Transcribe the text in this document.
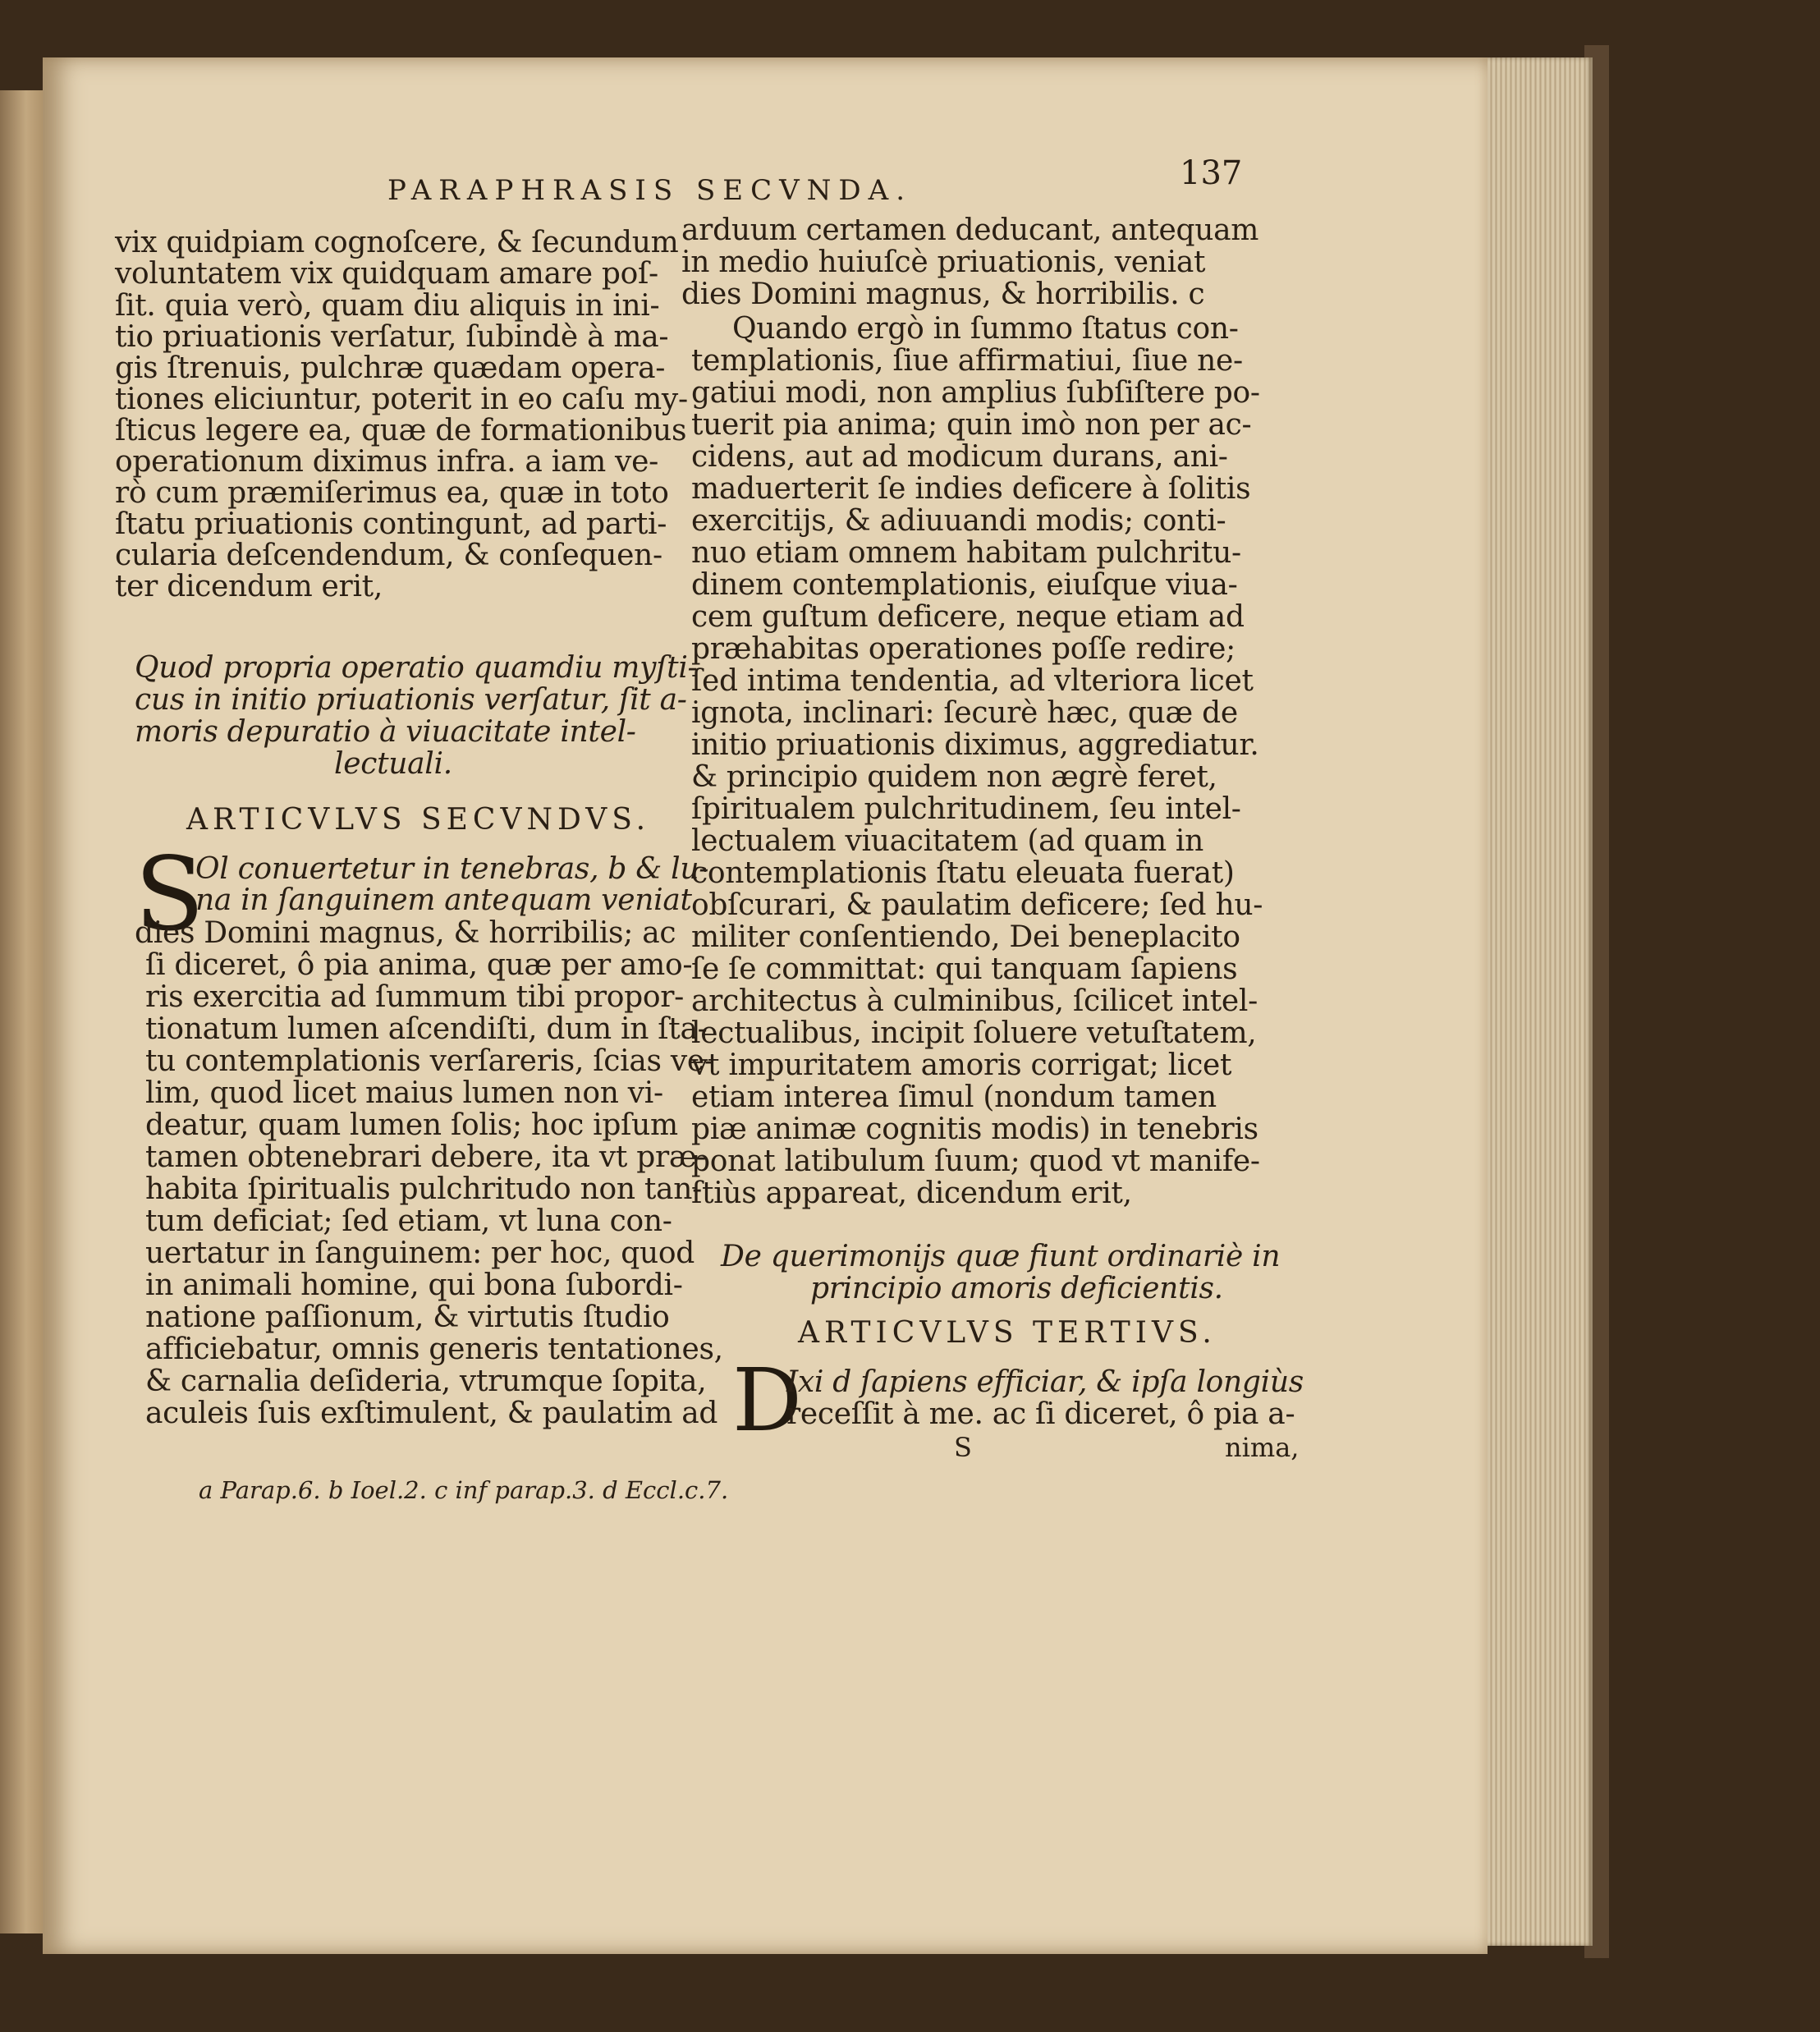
PARAPHRASIS SECVNDA.	137
vix quidpiam cognoſcere, & ſecundum
voluntatem vix quidquam amare poſ-
ſit. quia verò, quam diu aliquis in ini-
tio priuationis verſatur, ſubindè à ma-
gis ſtrenuis, pulchræ quædam opera-
tiones eliciuntur, poterit in eo caſu my-
ſticus legere ea, quæ de formationibus
operationum diximus infra. a iam ve-
rò cum præmiſerimus ea, quæ in toto
ſtatu priuationis contingunt, ad parti-
cularia deſcendendum, & conſequen-
ter dicendum erit,
Quod propria operatio quamdiu myſti-
cus in initio priuationis verſatur, ſit a-
moris depuratio à viuacitate intel-
lectuali.
ARTICVLVS SECVNDVS.
S
Ol conuertetur in tenebras, b & lu-
na in ſanguinem antequam veniat
dies Domini magnus, & horribilis; ac
ſi diceret, ô pia anima, quæ per amo-
ris exercitia ad ſummum tibi propor-
tionatum lumen aſcendiſti, dum in ſta-
tu contemplationis verſareris, ſcias ve-
lim, quod licet maius lumen non vi-
deatur, quam lumen ſolis; hoc ipſum
tamen obtenebrari debere, ita vt præ-
habita ſpiritualis pulchritudo non tan-
tum deficiat; ſed etiam, vt luna con-
uertatur in ſanguinem: per hoc, quod
in animali homine, qui bona ſubordi-
natione paſſionum, & virtutis ſtudio
afficiebatur, omnis generis tentationes,
& carnalia deſideria, vtrumque ſopita,
aculeis ſuis exſtimulent, & paulatim ad
a Parap.6. b Ioel.2. c inf parap.3. d Eccl.c.7.
arduum certamen deducant, antequam
in medio huiuſcè priuationis, veniat
dies Domini magnus, & horribilis. c
Quando ergò in ſummo ſtatus con-
templationis, ſiue affirmatiui, ſiue ne-
gatiui modi, non amplius ſubſiſtere po-
tuerit pia anima; quin imò non per ac-
cidens, aut ad modicum durans, ani-
maduerterit ſe indies deficere à ſolitis
exercitijs, & adiuuandi modis; conti-
nuo etiam omnem habitam pulchritu-
dinem contemplationis, eiuſque viua-
cem guſtum deficere, neque etiam ad
præhabitas operationes poſſe redire;
ſed intima tendentia, ad vlteriora licet
ignota, inclinari: ſecurè hæc, quæ de
initio priuationis diximus, aggrediatur.
& principio quidem non ægrè feret,
ſpiritualem pulchritudinem, ſeu intel-
lectualem viuacitatem (ad quam in
contemplationis ſtatu eleuata fuerat)
obſcurari, & paulatim deficere; ſed hu-
militer conſentiendo, Dei beneplacito
ſe ſe committat: qui tanquam ſapiens
architectus à culminibus, ſcilicet intel-
lectualibus, incipit ſoluere vetuſtatem,
vt impuritatem amoris corrigat; licet
etiam interea ſimul (nondum tamen
piæ animæ cognitis modis) in tenebris
ponat latibulum ſuum; quod vt manife-
ſtiùs appareat, dicendum erit,
De querimonijs quæ fiunt ordinariè in
principio amoris deficientis.
ARTICVLVS TERTIVS.
D
Ixi d ſapiens efficiar, & ipſa longiùs
receſſit à me. ac ſi diceret, ô pia a-
S	nima,
